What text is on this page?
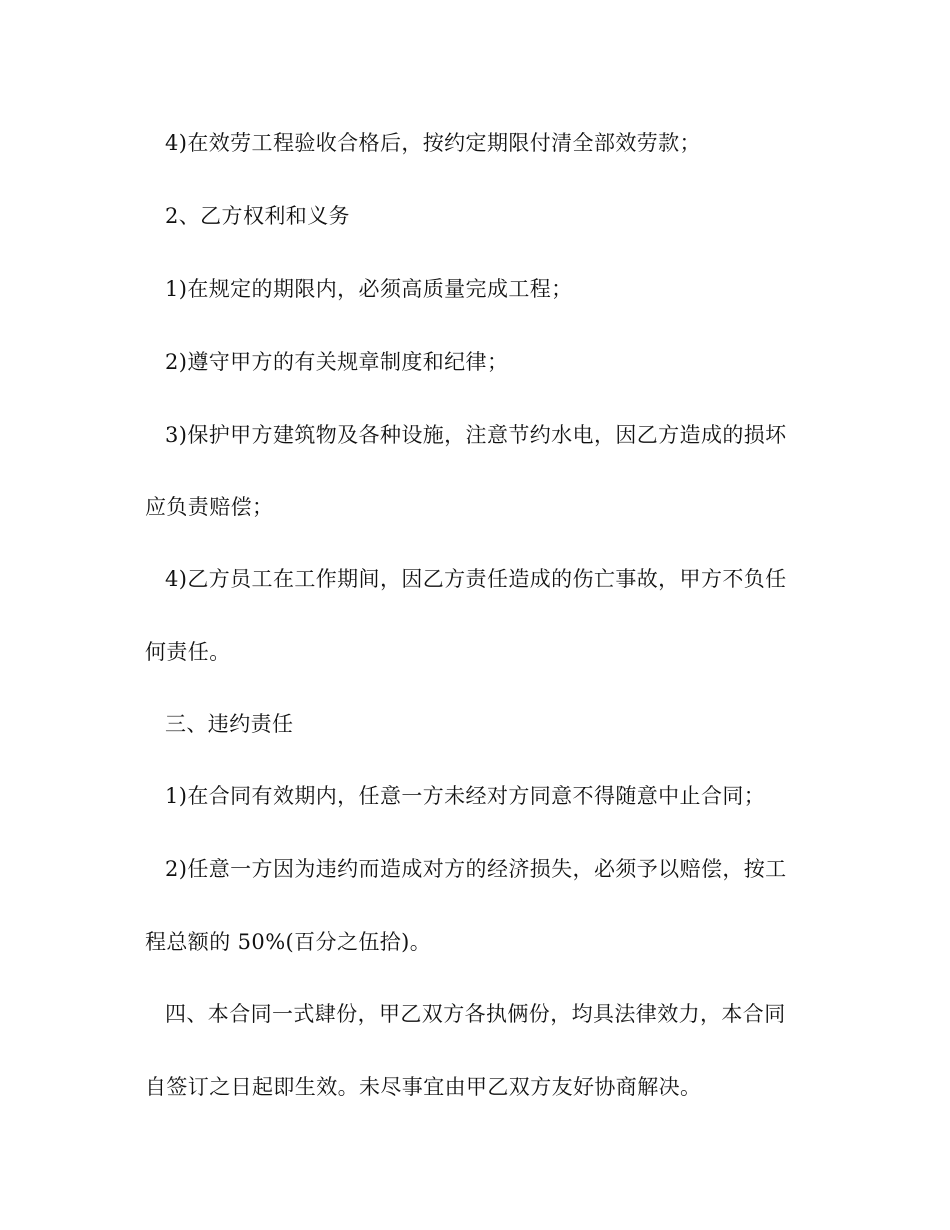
4)在效劳工程验收合格后，按约定期限付清全部效劳款；
2、乙方权利和义务
1)在规定的期限内，必须高质量完成工程；
2)遵守甲方的有关规章制度和纪律；
3)保护甲方建筑物及各种设施，注意节约水电，因乙方造成的损坏
应负责赔偿；
4)乙方员工在工作期间，因乙方责任造成的伤亡事故，甲方不负任
何责任。
三、违约责任
1)在合同有效期内，任意一方未经对方同意不得随意中止合同；
2)任意一方因为违约而造成对方的经济损失，必须予以赔偿，按工
程总额的 50%(百分之伍拾)。
四、本合同一式肆份，甲乙双方各执俩份，均具法律效力，本合同
自签订之日起即生效。未尽事宜由甲乙双方友好协商解决。
